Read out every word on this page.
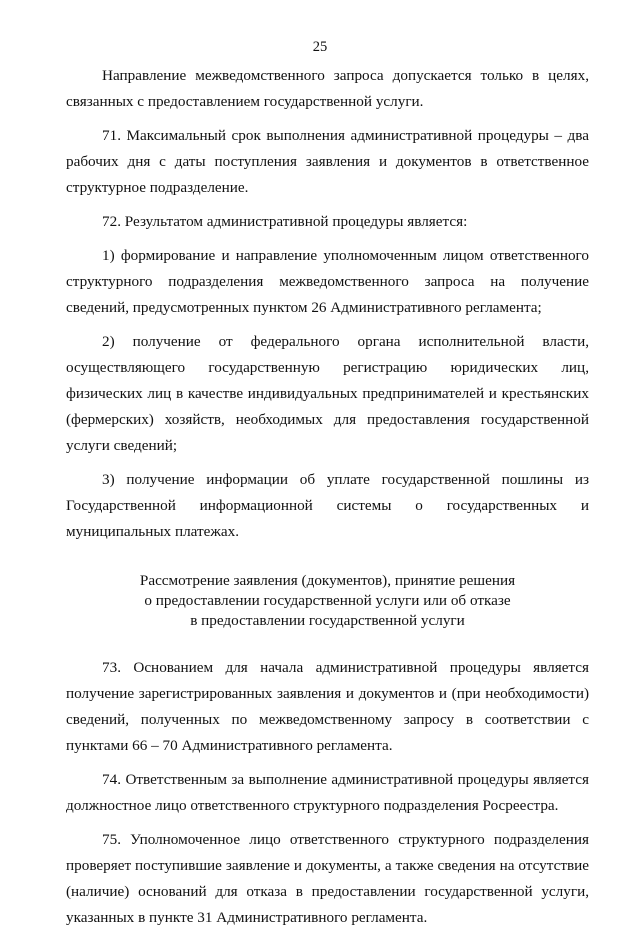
25

Направление межведомственного запроса допускается только в целях, связанных с предоставлением государственной услуги.

71. Максимальный срок выполнения административной процедуры – два рабочих дня с даты поступления заявления и документов в ответственное структурное подразделение.

72. Результатом административной процедуры является:

1) формирование и направление уполномоченным лицом ответственного структурного подразделения межведомственного запроса на получение сведений, предусмотренных пунктом 26 Административного регламента;

2) получение от федерального органа исполнительной власти, осуществляющего государственную регистрацию юридических лиц, физических лиц в качестве индивидуальных предпринимателей и крестьянских (фермерских) хозяйств, необходимых для предоставления государственной услуги сведений;

3) получение информации об уплате государственной пошлины из Государственной информационной системы о государственных и муниципальных платежах.

Рассмотрение заявления (документов), принятие решения
о предоставлении государственной услуги или об отказе
в предоставлении государственной услуги

73. Основанием для начала административной процедуры является получение зарегистрированных заявления и документов и (при необходимости) сведений, полученных по межведомственному запросу в соответствии с пунктами 66 – 70 Административного регламента.

74. Ответственным за выполнение административной процедуры является должностное лицо ответственного структурного подразделения Росреестра.

75. Уполномоченное лицо ответственного структурного подразделения проверяет поступившие заявление и документы, а также сведения на отсутствие (наличие) оснований для отказа в предоставлении государственной услуги, указанных в пункте 31 Административного регламента.
